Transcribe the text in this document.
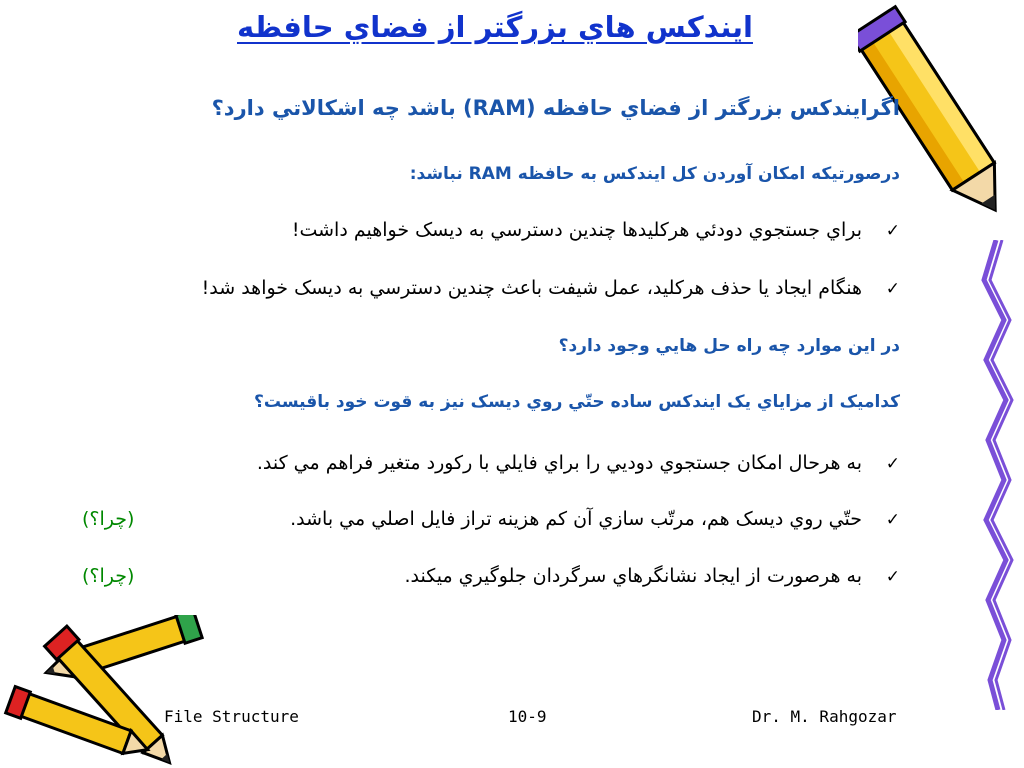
ايندکس هاي بزرگتر از فضاي حافظه
اگرايندکس بزرگتر از فضاي حافظه (RAM) باشد چه اشکالاتي دارد؟
درصورتيکه امکان آوردن کل ايندکس به حافظه RAM نباشد:
✓براي جستجوي دودئي هرکليدها چندين دسترسي به ديسک خواهيم داشت!
✓هنگام ايجاد يا حذف هرکليد، عمل شيفت باعث چندين دسترسي به ديسک خواهد شد!
در اين موارد چه راه حل هايي وجود دارد؟
کداميک از مزاياي يک ايندکس ساده حتّي روي ديسک نيز به قوت خود باقيست؟
✓به هرحال امکان جستجوي دوديي را براي فايلي با رکورد متغير فراهم مي کند.
✓حتّي روي ديسک هم، مرتّب سازي آن کم هزينه تراز فايل اصلي مي باشد.
(چرا؟)
✓به هرصورت از ايجاد نشانگرهاي سرگردان جلوگيري ميکند.
(چرا؟)
File Structure	10-9	Dr. M. Rahgozar
